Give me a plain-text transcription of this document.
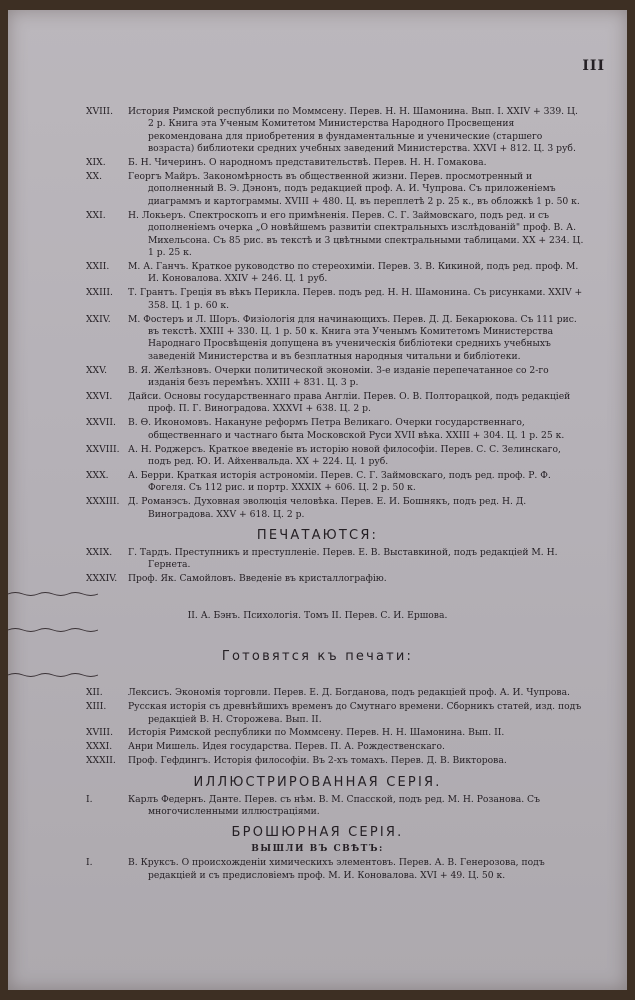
III
XVIII.	История Римской республики по Моммсену. Перев. Н. Н. Шамонина. Вып. I. XXIV + 339. Ц. 2 р. Книга эта Ученым Комитетом Министерства Народного Просвещения рекомендована для приобретения в фундаментальные и ученические (старшего возраста) библиотеки средних учебных заведений Министерства. XXVI + 812. Ц. 3 руб.
XIX.	Б. Н. Чичеринъ. О народномъ представительствѣ. Перев. Н. Н. Гомакова.
XX.	Георгъ Майръ. Закономѣрность въ общественной жизни. Перев. просмотренный и дополненный В. Э. Дэнонъ, подъ редакцией проф. А. И. Чупрова. Съ приложенiемъ диаграммъ и картограммы. XVIII + 480. Ц. въ переплетѣ 2 р. 25 к., въ обложкѣ 1 р. 50 к.
XXI.	Н. Локьеръ. Спектроскопъ и его примѣненія. Перев. С. Г. Займовскаго, подъ ред. и съ дополненіемъ очерка „О новѣйшемъ развитіи спектральныхъ изслѣдованій" проф. В. А. Михельсона. Съ 85 рис. въ текстѣ и 3 цвѣтными спектральными таблицами. XX + 234. Ц. 1 р. 25 к.
XXII.	М. А. Ганчъ. Краткое руководство по стереохимiи. Перев. З. В. Кикиной, подъ ред. проф. М. И. Коновалова. XXIV + 246. Ц. 1 руб.
XXIII.	Т. Грантъ. Греція въ вѣкъ Перикла. Перев. подъ ред. Н. Н. Шамонина. Съ рисунками. XXIV + 358. Ц. 1 р. 60 к.
XXIV.	М. Фостеръ и Л. Шоръ. Физіологія для начинающихъ. Перев. Д. Д. Бекарюкова. Съ 111 рис. въ текстѣ. XXIII + 330. Ц. 1 р. 50 к. Книга эта Ученымъ Комитетомъ Министерства Народнаго Просвѣщенія допущена въ ученическія библiотеки среднихъ учебныхъ заведеній Министерства и въ безплатныя народныя читальни и библiотеки.
XXV.	В. Я. Желѣзновъ. Очерки политической экономіи. 3-е изданіе перепечатанное со 2-го изданія безъ перемѣнъ. XXIII + 831. Ц. 3 р.
XXVI.	Дайси. Основы государственнаго права Англіи. Перев. О. В. Полторацкой, подъ редакціей проф. П. Г. Виноградова. XXXVI + 638. Ц. 2 р.
XXVII.	В. Ө. Икономовъ. Накануне реформъ Петра Великаго. Очерки государственнаго, общественнаго и частнаго быта Московской Руси XVII вѣка. XXIII + 304. Ц. 1 р. 25 к.
XXVIII. А. Н. Роджерсъ. Краткое введеніе въ исторію новой философіи. Перев. С. С. Зелинскаго, подъ ред. Ю. И. Айхенвальда. XX + 224. Ц. 1 руб.
XXX.	А. Берри. Краткая исторія астрономіи. Перев. С. Г. Займовскаго, подъ ред. проф. Р. Ф. Фогеля. Съ 112 рис. и портр. XXXIX + 606. Ц. 2 р. 50 к.
XXXIII. Д. Романэсъ. Духовная эволюція человѣка. Перев. Е. И. Бошнякъ, подъ ред. Н. Д. Виноградова. XXV + 618. Ц. 2 р.
ПЕЧАТАЮТСЯ:
XXIX.	Г. Тардъ. Преступникъ и преступленіе. Перев. Е. В. Выставкиной, подъ редакціей М. Н. Гернета.
XXXIV.	Проф. Як. Самойловъ. Введеніе въ кристаллографію.
II. А. Бэнъ. Психологія. Томъ II. Перев. С. И. Ершова.
Готовятся къ печати:
XII.	Лексисъ. Экономія торговли. Перев. Е. Д. Богданова, подъ редакціей проф. А. И. Чупрова.
XIII.	Русская исторія съ древнѣйшихъ временъ до Смутнаго времени. Сборникъ статей, изд. подъ редакціей В. Н. Сторожева. Вып. II.
XVIII.	Исторія Римской республики по Моммсену. Перев. Н. Н. Шамонина. Вып. II.
XXXI.	Анри Мишель. Идея государства. Перев. П. А. Рождественскаго.
XXXII.	Проф. Гефдингъ. Исторія философіи. Въ 2-хъ томахъ. Перев. Д. В. Викторова.
ИЛЛЮСТРИРОВАННАЯ СЕРІЯ.
I.	Карлъ Федернъ. Данте. Перев. съ нѣм. В. М. Спасской, подъ ред. М. Н. Розанова. Съ многочисленными иллюстраціями.
БРОШЮРНАЯ СЕРІЯ.
ВЫШЛИ ВЪ СВѢТЪ:
I.	В. Круксъ. О происхожденіи химическихъ элементовъ. Перев. А. В. Генерозова, подъ редакціей и съ предисловіемъ проф. М. И. Коновалова. XVI + 49. Ц. 50 к.
